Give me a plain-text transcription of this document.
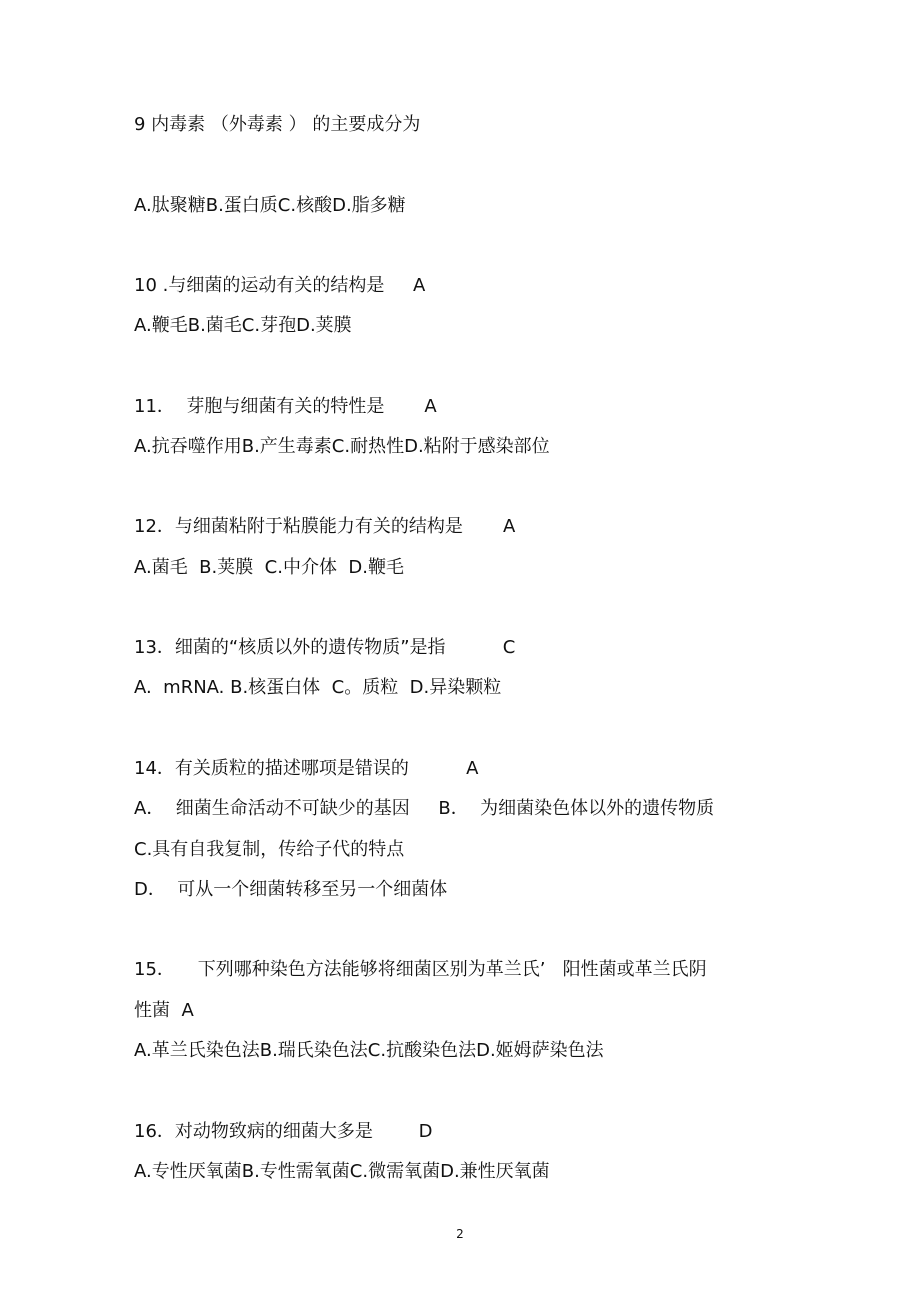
9 内毒素 （外毒素 ） 的主要成分为
A.肽聚糖B.蛋白质C.核酸D.脂多糖
10 .与细菌的运动有关的结构是     A
A.鞭毛B.菌毛C.芽孢D.荚膜
11．  芽胞与细菌有关的特性是       A
A.抗吞噬作用B.产生毒素C.耐热性D.粘附于感染部位
12．与细菌粘附于粘膜能力有关的结构是       A
A.菌毛  B.荚膜  C.中介体  D.鞭毛
13．细菌的“核质以外的遗传物质”是指          C
A.  mRNA. B.核蛋白体  C。质粒  D.异染颗粒
14．有关质粒的描述哪项是错误的          A
A．  细菌生命活动不可缺少的基因     B．  为细菌染色体以外的遗传物质
C.具有自我复制，传给子代的特点
D．  可从一个细菌转移至另一个细菌体
15．    下列哪种染色方法能够将细菌区别为革兰氏’   阳性菌或革兰氏阴
性菌  A
A.革兰氏染色法B.瑞氏染色法C.抗酸染色法D.姬姆萨染色法
16．对动物致病的细菌大多是        D
A.专性厌氧菌B.专性需氧菌C.微需氧菌D.兼性厌氧菌
2
